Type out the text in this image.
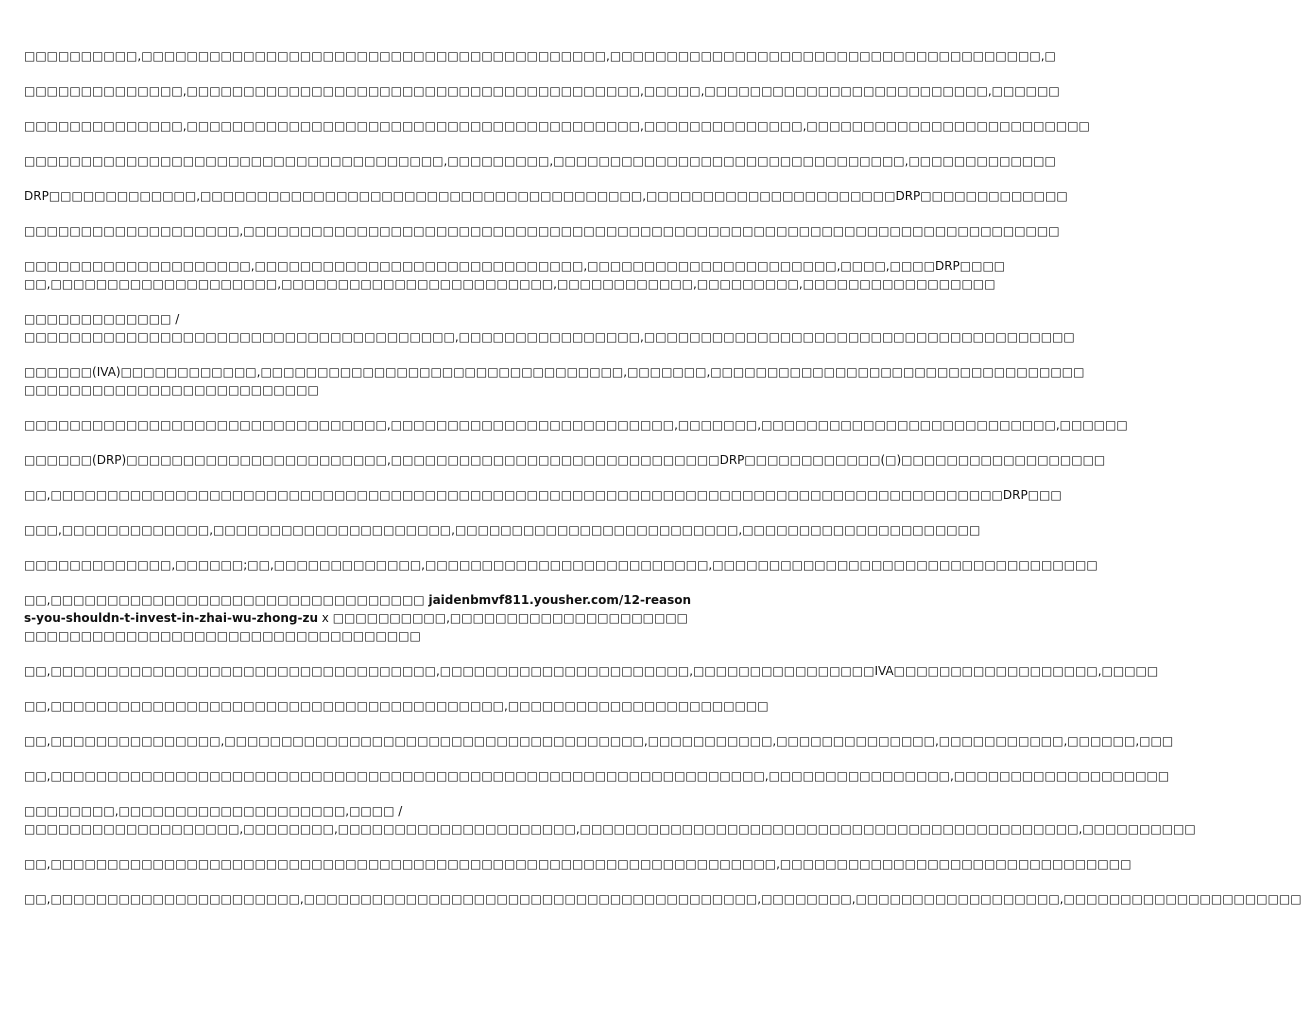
□□□□□□□□□□,□□□□□□□□□□□□□□□□□□□□□□□□□□□□□□□□□□□□□□□□□,□□□□□□□□□□□□□□□□□□□□□□□□□□□□□□□□□□□□□□,□

□□□□□□□□□□□□□□,□□□□□□□□□□□□□□□□□□□□□□□□□□□□□□□□□□□□□□□□,□□□□□,□□□□□□□□□□□□□□□□□□□□□□□□□,□□□□□□

□□□□□□□□□□□□□□,□□□□□□□□□□□□□□□□□□□□□□□□□□□□□□□□□□□□□□□□,□□□□□□□□□□□□□□,□□□□□□□□□□□□□□□□□□□□□□□□□

□□□□□□□□□□□□□□□□□□□□□□□□□□□□□□□□□□□□□,□□□□□□□□□,□□□□□□□□□□□□□□□□□□□□□□□□□□□□□□□,□□□□□□□□□□□□□

DRP□□□□□□□□□□□□□,□□□□□□□□□□□□□□□□□□□□□□□□□□□□□□□□□□□□□□□,□□□□□□□□□□□□□□□□□□□□□□DRP□□□□□□□□□□□□□

□□□□□□□□□□□□□□□□□□□,□□□□□□□□□□□□□□□□□□□□□□□□□□□□□□□□□□□□□□□□□□□□□□□□□□□□□□□□□□□□□□□□□□□□□□□□

□□□□□□□□□□□□□□□□□□□□,□□□□□□□□□□□□□□□□□□□□□□□□□□□□□,□□□□□□□□□□□□□□□□□□□□□□,□□□□,□□□□DRP□□□□
□□,□□□□□□□□□□□□□□□□□□□□,□□□□□□□□□□□□□□□□□□□□□□□□,□□□□□□□□□□□□,□□□□□□□□□,□□□□□□□□□□□□□□□□□

□□□□□□□□□□□□□ /
□□□□□□□□□□□□□□□□□□□□□□□□□□□□□□□□□□□□□□,□□□□□□□□□□□□□□□□,□□□□□□□□□□□□□□□□□□□□□□□□□□□□□□□□□□□□□□

□□□□□□(IVA)□□□□□□□□□□□□,□□□□□□□□□□□□□□□□□□□□□□□□□□□□□□□□,□□□□□□□,□□□□□□□□□□□□□□□□□□□□□□□□□□□□□□□□□
□□□□□□□□□□□□□□□□□□□□□□□□□□

□□□□□□□□□□□□□□□□□□□□□□□□□□□□□□□□,□□□□□□□□□□□□□□□□□□□□□□□□□,□□□□□□□,□□□□□□□□□□□□□□□□□□□□□□□□□□,□□□□□□

□□□□□□(DRP)□□□□□□□□□□□□□□□□□□□□□□□,□□□□□□□□□□□□□□□□□□□□□□□□□□□□□DRP□□□□□□□□□□□□(□)□□□□□□□□□□□□□□□□□□

□□,□□□□□□□□□□□□□□□□□□□□□□□□□□□□□□□□□□□□□□□□□□□□□□□□□□□□□□□□□□□□□□□□□□□□□□□□□□□□□□□□□□□□DRP□□□

□□□,□□□□□□□□□□□□□,□□□□□□□□□□□□□□□□□□□□□,□□□□□□□□□□□□□□□□□□□□□□□□□,□□□□□□□□□□□□□□□□□□□□□

□□□□□□□□□□□□□,□□□□□□;□□,□□□□□□□□□□□□□,□□□□□□□□□□□□□□□□□□□□□□□□□,□□□□□□□□□□□□□□□□□□□□□□□□□□□□□□□□□□

□□,□□□□□□□□□□□□□□□□□□□□□□□□□□□□□□□□□ jaidenbmvf811.yousher.com/12-reasons-you-shouldn-t-invest-in-zhai-wu-zhong-zu x □□□□□□□□□□,□□□□□□□□□□□□□□□□□□□□□□□□□□□□□□□□□□□□□□□□□□□□□□□□□□□□□□□□

□□,□□□□□□□□□□□□□□□□□□□□□□□□□□□□□□□□□□,□□□□□□□□□□□□□□□□□□□□□□,□□□□□□□□□□□□□□□□IVA□□□□□□□□□□□□□□□□□□,□□□□□

□□,□□□□□□□□□□□□□□□□□□□□□□□□□□□□□□□□□□□□□□□□,□□□□□□□□□□□□□□□□□□□□□□□

□□,□□□□□□□□□□□□□□□,□□□□□□□□□□□□□□□□□□□□□□□□□□□□□□□□□□□□□,□□□□□□□□□□□,□□□□□□□□□□□□□□,□□□□□□□□□□□,□□□□□□,□□□

□□,□□□□□□□□□□□□□□□□□□□□□□□□□□□□□□□□□□□□□□□□□□□□□□□□□□□□□□□□□□□□□□□,□□□□□□□□□□□□□□□□,□□□□□□□□□□□□□□□□□□□

□□□□□□□□,□□□□□□□□□□□□□□□□□□□□,□□□□ /
□□□□□□□□□□□□□□□□□□□,□□□□□□□□,□□□□□□□□□□□□□□□□□□□□□,□□□□□□□□□□□□□□□□□□□□□□□□□□□□□□□□□□□□□□□□□□□□,□□□□□□□□□□

□□,□□□□□□□□□□□□□□□□□□□□□□□□□□□□□□□□□□□□□□□□□□□□□□□□□□□□□□□□□□□□□□□□,□□□□□□□□□□□□□□□□□□□□□□□□□□□□□□□

□□,□□□□□□□□□□□□□□□□□□□□□□,□□□□□□□□□□□□□□□□□□□□□□□□□□□□□□□□□□□□□□□□,□□□□□□□□,□□□□□□□□□□□□□□□□□□,□□□□□□□□□□□□□□□□□□□□□
